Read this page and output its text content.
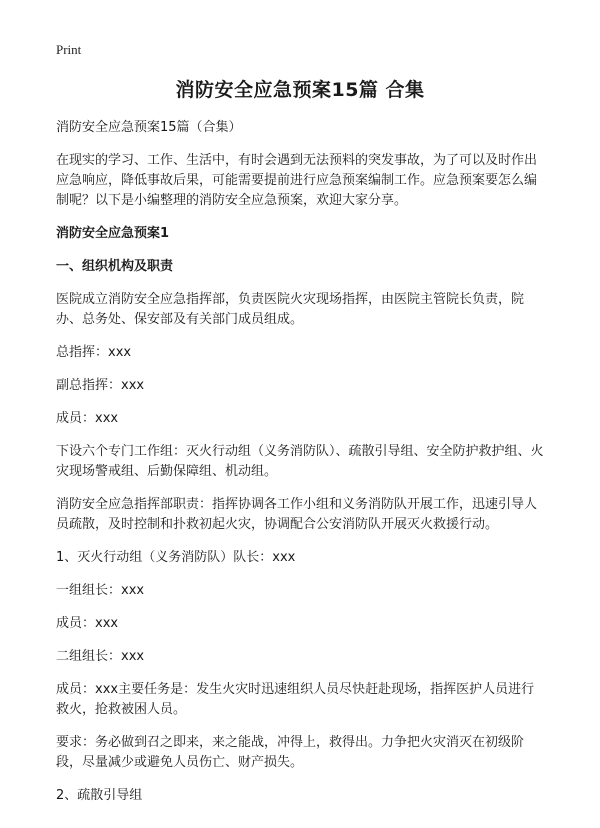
Print
消防安全应急预案15篇 合集
消防安全应急预案15篇（合集）
在现实的学习、工作、生活中，有时会遇到无法预料的突发事故，为了可以及时作出应急响应，降低事故后果，可能需要提前进行应急预案编制工作。应急预案要怎么编制呢？以下是小编整理的消防安全应急预案，欢迎大家分享。
消防安全应急预案1
一、组织机构及职责
医院成立消防安全应急指挥部，负责医院火灾现场指挥，由医院主管院长负责，院办、总务处、保安部及有关部门成员组成。
总指挥：xxx
副总指挥：xxx
成员：xxx
下设六个专门工作组：灭火行动组（义务消防队）、疏散引导组、安全防护救护组、火灾现场警戒组、后勤保障组、机动组。
消防安全应急指挥部职责：指挥协调各工作小组和义务消防队开展工作，迅速引导人员疏散，及时控制和扑救初起火灾，协调配合公安消防队开展灭火救援行动。
1、灭火行动组（义务消防队）队长：xxx
一组组长：xxx
成员：xxx
二组组长：xxx
成员：xxx主要任务是：发生火灾时迅速组织人员尽快赶赴现场，指挥医护人员进行救火，抢救被困人员。
要求：务必做到召之即来，来之能战，冲得上，救得出。力争把火灾消灭在初级阶段，尽量减少或避免人员伤亡、财产损失。
2、疏散引导组
